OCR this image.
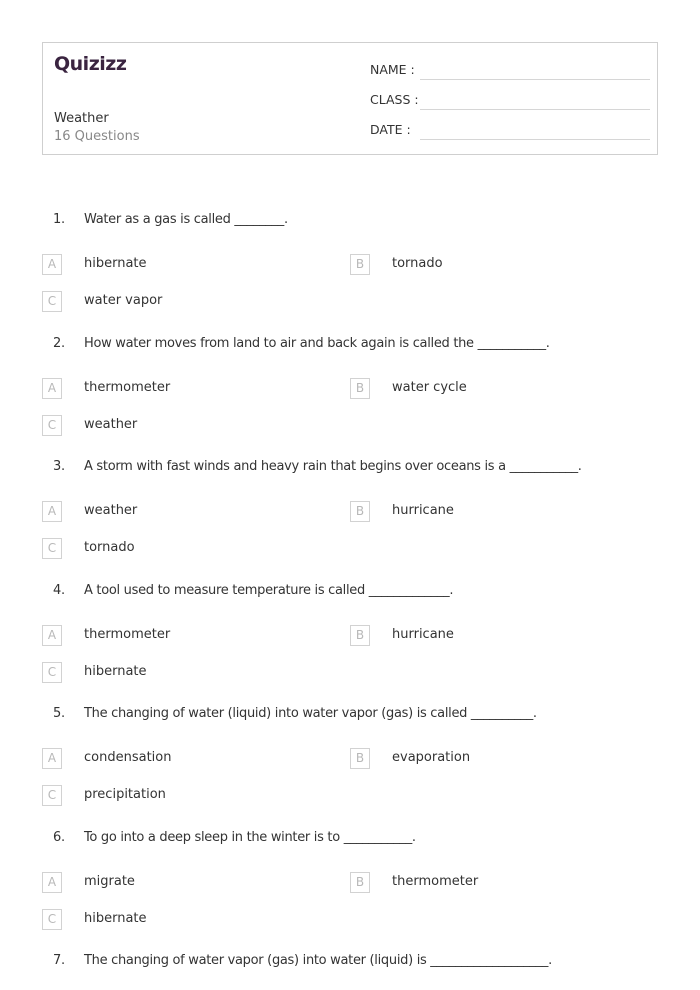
Quizizz
Weather
16 Questions
NAME :
CLASS :
DATE :
1. Water as a gas is called ________.
A	hibernate	B	tornado
C	water vapor
2. How water moves from land to air and back again is called the ___________.
A	thermometer	B	water cycle
C	weather
3. A storm with fast winds and heavy rain that begins over oceans is a ___________.
A	weather	B	hurricane
C	tornado
4. A tool used to measure temperature is called _____________.
A	thermometer	B	hurricane
C	hibernate
5. The changing of water (liquid) into water vapor (gas) is called __________.
A	condensation	B	evaporation
C	precipitation
6. To go into a deep sleep in the winter is to ___________.
A	migrate	B	thermometer
C	hibernate
7. The changing of water vapor (gas) into water (liquid) is ___________________.
